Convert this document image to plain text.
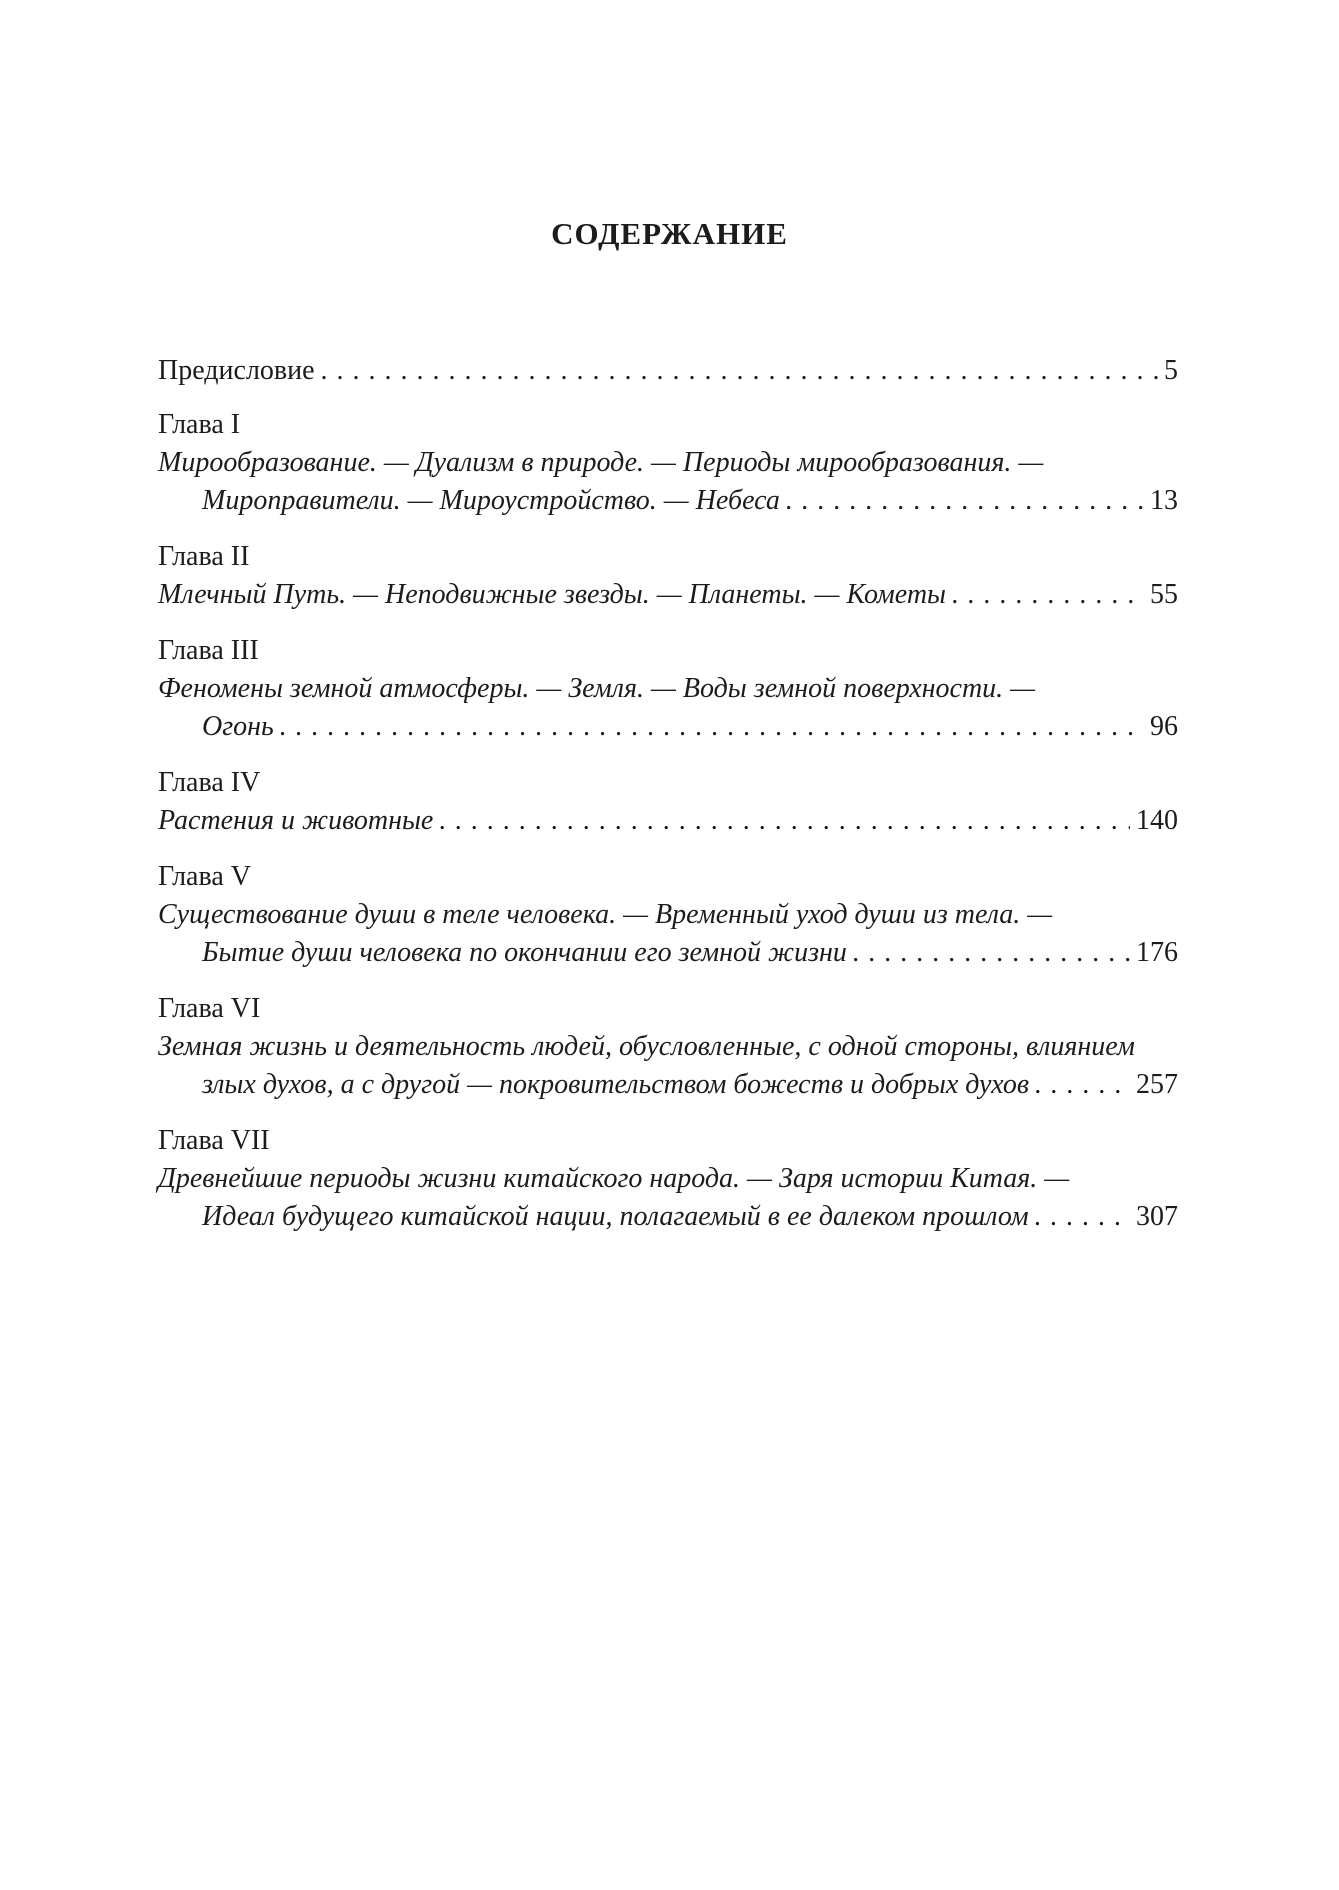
СОДЕРЖАНИЕ
Предисловие . . .	5
Глава I
Мирообразование. — Дуализм в природе. — Периоды мирообразования. —
Мироправители. — Мироустройство. — Небеса . . .	13
Глава II
Млечный Путь. — Неподвижные звезды. — Планеты. — Кометы . . .	55
Глава III
Феномены земной атмосферы. — Земля. — Воды земной поверхности. —
Огонь . . .	96
Глава IV
Растения и животные . . .	140
Глава V
Существование души в теле человека. — Временный уход души из тела. —
Бытие души человека по окончании его земной жизни . . .	176
Глава VI
Земная жизнь и деятельность людей, обусловленные, с одной стороны, влиянием
злых духов, а с другой — покровительством божеств и добрых духов . . .	257
Глава VII
Древнейшие периоды жизни китайского народа. — Заря истории Китая. —
Идеал будущего китайской нации, полагаемый в ее далеком прошлом . . .	307
